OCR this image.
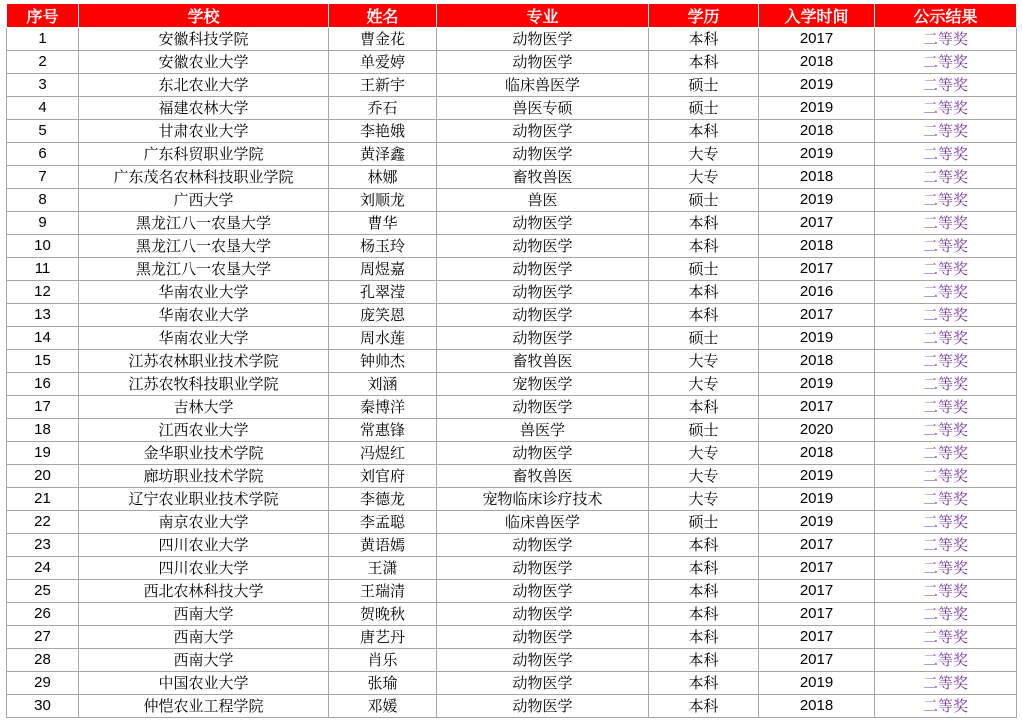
序号	学校	姓名	专业	学历	入学时间	公示结果
1	安徽科技学院	曹金花	动物医学	本科	2017	二等奖
2	安徽农业大学	单爱婷	动物医学	本科	2018	二等奖
3	东北农业大学	王新宇	临床兽医学	硕士	2019	二等奖
4	福建农林大学	乔石	兽医专硕	硕士	2019	二等奖
5	甘肃农业大学	李艳娥	动物医学	本科	2018	二等奖
6	广东科贸职业学院	黄泽鑫	动物医学	大专	2019	二等奖
7	广东茂名农林科技职业学院	林娜	畜牧兽医	大专	2018	二等奖
8	广西大学	刘顺龙	兽医	硕士	2019	二等奖
9	黑龙江八一农垦大学	曹华	动物医学	本科	2017	二等奖
10	黑龙江八一农垦大学	杨玉玲	动物医学	本科	2018	二等奖
11	黑龙江八一农垦大学	周煜嘉	动物医学	硕士	2017	二等奖
12	华南农业大学	孔翠滢	动物医学	本科	2016	二等奖
13	华南农业大学	庞笑恩	动物医学	本科	2017	二等奖
14	华南农业大学	周水莲	动物医学	硕士	2019	二等奖
15	江苏农林职业技术学院	钟帅杰	畜牧兽医	大专	2018	二等奖
16	江苏农牧科技职业学院	刘涵	宠物医学	大专	2019	二等奖
17	吉林大学	秦博洋	动物医学	本科	2017	二等奖
18	江西农业大学	常惠锋	兽医学	硕士	2020	二等奖
19	金华职业技术学院	冯煜红	动物医学	大专	2018	二等奖
20	廊坊职业技术学院	刘官府	畜牧兽医	大专	2019	二等奖
21	辽宁农业职业技术学院	李德龙	宠物临床诊疗技术	大专	2019	二等奖
22	南京农业大学	李孟聪	临床兽医学	硕士	2019	二等奖
23	四川农业大学	黄语嫣	动物医学	本科	2017	二等奖
24	四川农业大学	王潇	动物医学	本科	2017	二等奖
25	西北农林科技大学	王瑞清	动物医学	本科	2017	二等奖
26	西南大学	贺晚秋	动物医学	本科	2017	二等奖
27	西南大学	唐艺丹	动物医学	本科	2017	二等奖
28	西南大学	肖乐	动物医学	本科	2017	二等奖
29	中国农业大学	张瑜	动物医学	本科	2019	二等奖
30	仲恺农业工程学院	邓媛	动物医学	本科	2018	二等奖
